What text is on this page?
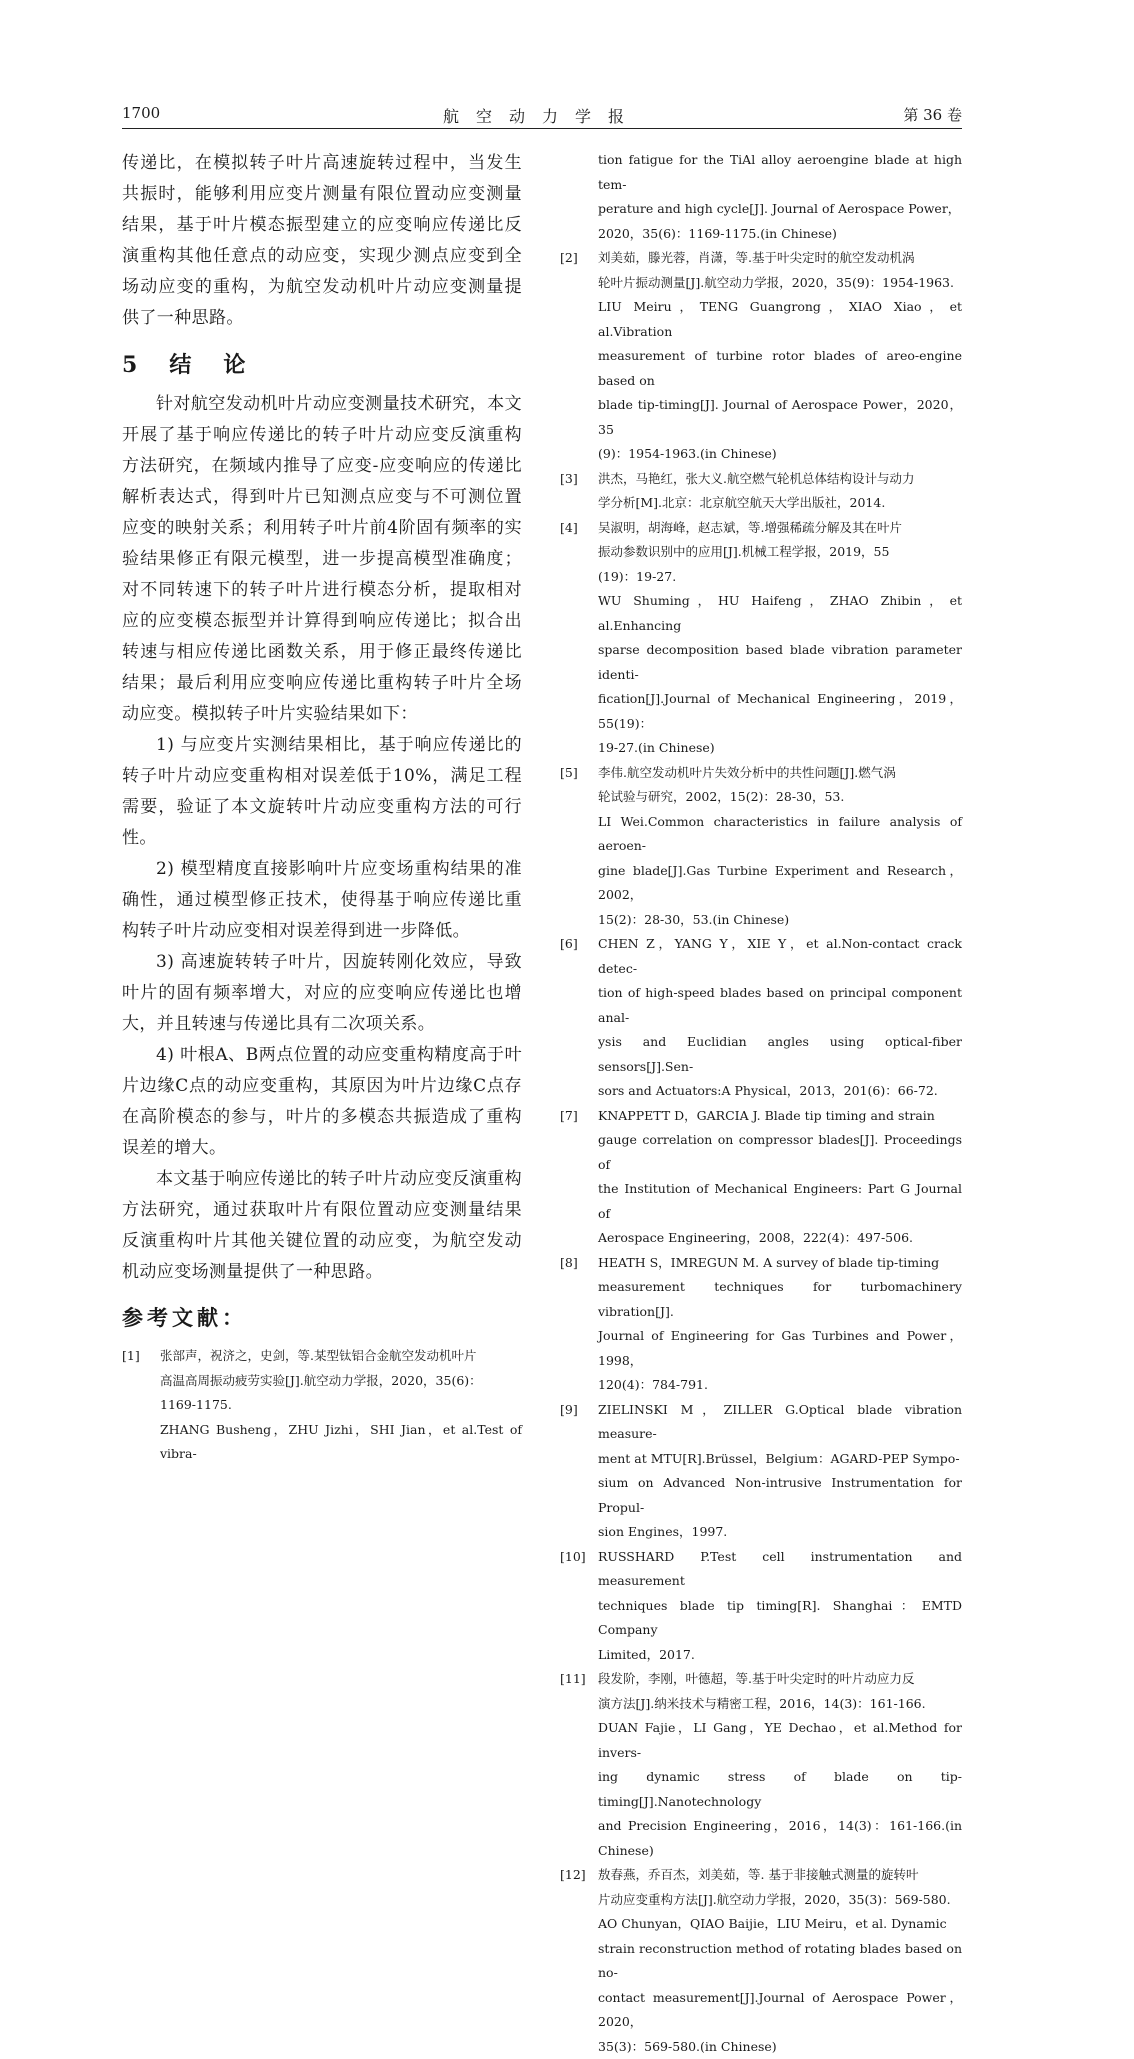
1700	航空动力学报	第 36 卷

传递比，在模拟转子叶片高速旋转过程中，当发生共振时，能够利用应变片测量有限位置动应变测量结果，基于叶片模态振型建立的应变响应传递比反演重构其他任意点的动应变，实现少测点应变到全场动应变的重构，为航空发动机叶片动应变测量提供了一种思路。

5 结 论

针对航空发动机叶片动应变测量技术研究，本文开展了基于响应传递比的转子叶片动应变反演重构方法研究，在频域内推导了应变-应变响应的传递比解析表达式，得到叶片已知测点应变与不可测位置应变的映射关系；利用转子叶片前4阶固有频率的实验结果修正有限元模型，进一步提高模型准确度；对不同转速下的转子叶片进行模态分析，提取相对应的应变模态振型并计算得到响应传递比；拟合出转速与相应传递比函数关系，用于修正最终传递比结果；最后利用应变响应传递比重构转子叶片全场动应变。模拟转子叶片实验结果如下：

1) 与应变片实测结果相比，基于响应传递比的转子叶片动应变重构相对误差低于10%，满足工程需要，验证了本文旋转叶片动应变重构方法的可行性。

2) 模型精度直接影响叶片应变场重构结果的准确性，通过模型修正技术，使得基于响应传递比重构转子叶片动应变相对误差得到进一步降低。

3) 高速旋转转子叶片，因旋转刚化效应，导致叶片的固有频率增大，对应的应变响应传递比也增大，并且转速与传递比具有二次项关系。

4) 叶根A、B两点位置的动应变重构精度高于叶片边缘C点的动应变重构，其原因为叶片边缘C点存在高阶模态的参与，叶片的多模态共振造成了重构误差的增大。

本文基于响应传递比的转子叶片动应变反演重构方法研究，通过获取叶片有限位置动应变测量结果反演重构叶片其他关键位置的动应变，为航空发动机动应变场测量提供了一种思路。

参考文献：
[1]	张部声，祝济之，史剑，等.某型钛铝合金航空发动机叶片
高温高周振动疲劳实验[J].航空动力学报，2020，35(6)：
1169-1175.
ZHANG Busheng，ZHU Jizhi，SHI Jian，et al.Test of vibra-
tion fatigue for the TiAl alloy aeroengine blade at high tem-
perature and high cycle[J]. Journal of Aerospace Power，
2020，35(6)：1169-1175.(in Chinese)
[2]	刘美茹，滕光蓉，肖潇，等.基于叶尖定时的航空发动机涡
轮叶片振动测量[J].航空动力学报，2020，35(9)：1954-1963.
LIU Meiru，TENG Guangrong，XIAO Xiao，et al.Vibration
measurement of turbine rotor blades of areo-engine based on
blade tip-timing[J]. Journal of Aerospace Power，2020，35
(9)：1954-1963.(in Chinese)
[3]	洪杰，马艳红，张大义.航空燃气轮机总体结构设计与动力
学分析[M].北京：北京航空航天大学出版社，2014.
[4]	吴淑明，胡海峰，赵志斌，等.增强稀疏分解及其在叶片
振动参数识别中的应用[J].机械工程学报，2019，55
(19)：19-27.
WU Shuming，HU Haifeng，ZHAO Zhibin，et al.Enhancing
sparse decomposition based blade vibration parameter identi-
fication[J].Journal of Mechanical Engineering，2019，55(19)：
19-27.(in Chinese)
[5]	李伟.航空发动机叶片失效分析中的共性问题[J].燃气涡
轮试验与研究，2002，15(2)：28-30，53.
LI Wei.Common characteristics in failure analysis of aeroen-
gine blade[J].Gas Turbine Experiment and Research，2002，
15(2)：28-30，53.(in Chinese)
[6]	CHEN Z，YANG Y，XIE Y，et al.Non-contact crack detec-
tion of high-speed blades based on principal component anal-
ysis and Euclidian angles using optical-fiber sensors[J].Sen-
sors and Actuators:A Physical，2013，201(6)：66-72.
[7]	KNAPPETT D，GARCIA J. Blade tip timing and strain
gauge correlation on compressor blades[J]. Proceedings of
the Institution of Mechanical Engineers: Part G Journal of
Aerospace Engineering，2008，222(4)：497-506.
[8]	HEATH S，IMREGUN M. A survey of blade tip-timing
measurement techniques for turbomachinery vibration[J].
Journal of Engineering for Gas Turbines and Power，1998，
120(4)：784-791.
[9]	ZIELINSKI M，ZILLER G.Optical blade vibration measure-
ment at MTU[R].Brüssel，Belgium：AGARD-PEP Sympo-
sium on Advanced Non-intrusive Instrumentation for Propul-
sion Engines，1997.
[10] RUSSHARD P.Test cell instrumentation and measurement
techniques blade tip timing[R]. Shanghai：EMTD Company
Limited，2017.
[11] 段发阶，李刚，叶德超，等.基于叶尖定时的叶片动应力反
演方法[J].纳米技术与精密工程，2016，14(3)：161-166.
DUAN Fajie，LI Gang，YE Dechao，et al.Method for invers-
ing dynamic stress of blade on tip-timing[J].Nanotechnology
and Precision Engineering，2016，14(3)：161-166.(in Chinese)
[12] 敖春燕，乔百杰，刘美茹，等. 基于非接触式测量的旋转叶
片动应变重构方法[J].航空动力学报，2020，35(3)：569-580.
AO Chunyan，QIAO Baijie，LIU Meiru，et al. Dynamic
strain reconstruction method of rotating blades based on no-
contact measurement[J].Journal of Aerospace Power，2020，
35(3)：569-580.(in Chinese)
